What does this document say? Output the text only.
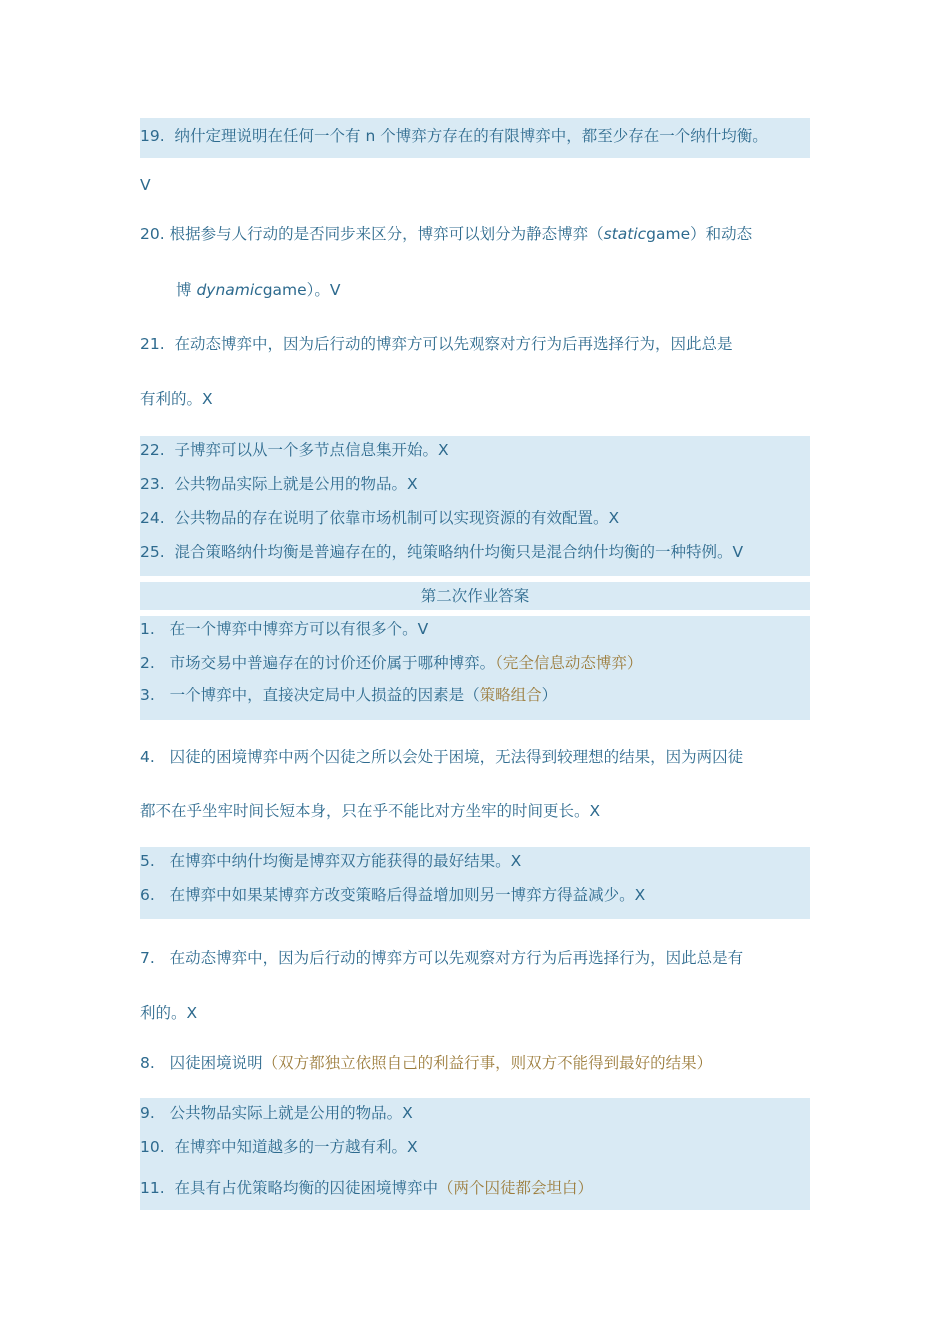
19. 纳什定理说明在任何一个有 n 个博弈方存在的有限博弈中，都至少存在一个纳什均衡。
V
20. 根据参与人行动的是否同步来区分，博弈可以划分为静态博弈（staticgame）和动态
博 dynamicgame）。V
21. 在动态博弈中，因为后行动的博弈方可以先观察对方行为后再选择行为，因此总是
有利的。X
22. 子博弈可以从一个多节点信息集开始。X
23. 公共物品实际上就是公用的物品。X
24. 公共物品的存在说明了依靠市场机制可以实现资源的有效配置。X
25. 混合策略纳什均衡是普遍存在的，纯策略纳什均衡只是混合纳什均衡的一种特例。V
第二次作业答案
1. 在一个博弈中博弈方可以有很多个。V
2. 市场交易中普遍存在的讨价还价属于哪种博弈。（完全信息动态博弈）
3. 一个博弈中，直接决定局中人损益的因素是（策略组合）
4. 囚徒的困境博弈中两个囚徒之所以会处于困境，无法得到较理想的结果，因为两囚徒
都不在乎坐牢时间长短本身，只在乎不能比对方坐牢的时间更长。X
5. 在博弈中纳什均衡是博弈双方能获得的最好结果。X
6. 在博弈中如果某博弈方改变策略后得益增加则另一博弈方得益减少。X
7. 在动态博弈中，因为后行动的博弈方可以先观察对方行为后再选择行为，因此总是有
利的。X
8. 囚徒困境说明（双方都独立依照自己的利益行事，则双方不能得到最好的结果）
9. 公共物品实际上就是公用的物品。X
10. 在博弈中知道越多的一方越有利。X
11. 在具有占优策略均衡的囚徒困境博弈中（两个囚徒都会坦白）
